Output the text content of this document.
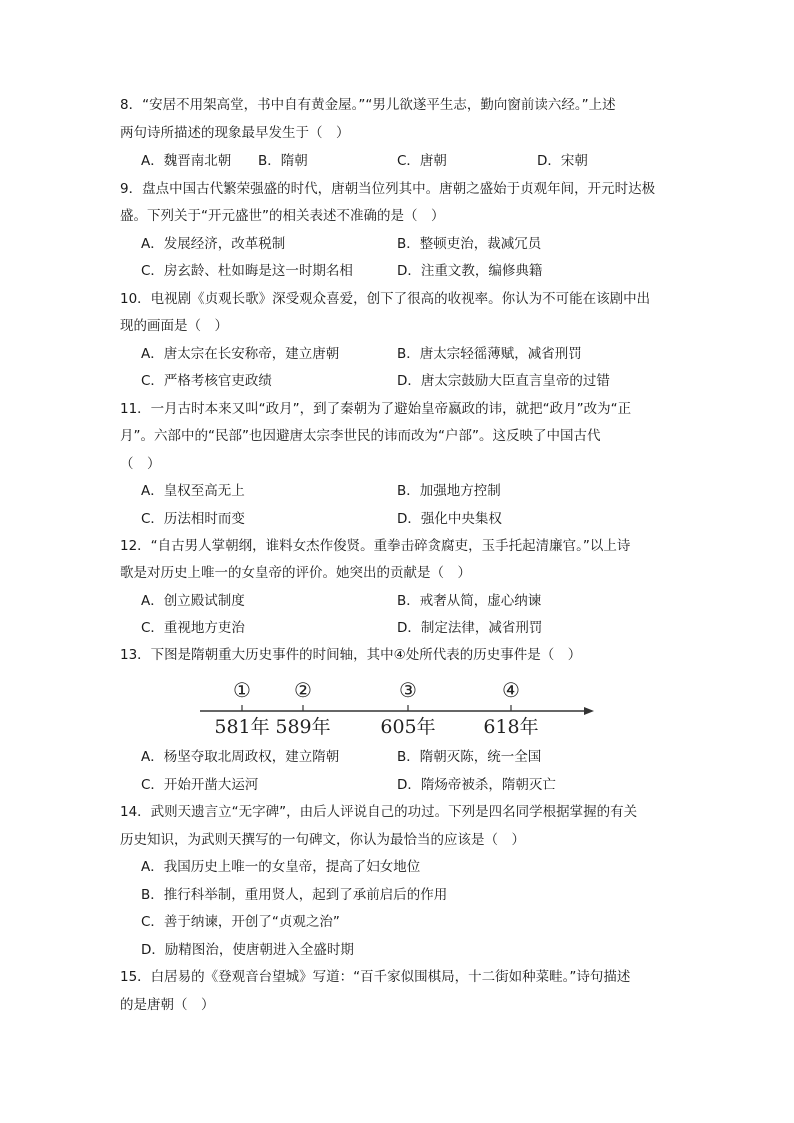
8．“安居不用架高堂，书中自有黄金屋。”“男儿欲遂平生志，勤向窗前读六经。”上述
两句诗所描述的现象最早发生于（　）
A．魏晋南北朝 B．隋朝	C．唐朝	D．宋朝
9．盘点中国古代繁荣强盛的时代，唐朝当位列其中。唐朝之盛始于贞观年间，开元时达极
盛。下列关于“开元盛世”的相关表述不准确的是（　）
A．发展经济，改革税制	B．整顿吏治，裁减冗员
C．房玄龄、杜如晦是这一时期名相	D．注重文教，编修典籍
10．电视剧《贞观长歌》深受观众喜爱，创下了很高的收视率。你认为不可能在该剧中出
现的画面是（　）
A．唐太宗在长安称帝，建立唐朝	B．唐太宗轻徭薄赋，减省刑罚
C．严格考核官吏政绩	D．唐太宗鼓励大臣直言皇帝的过错
11．一月古时本来又叫“政月”，到了秦朝为了避始皇帝嬴政的讳，就把“政月”改为“正
月”。六部中的“民部”也因避唐太宗李世民的讳而改为“户部”。这反映了中国古代
（　）
A．皇权至高无上	B．加强地方控制
C．历法相时而变	D．强化中央集权
12．“自古男人掌朝纲，谁料女杰作俊贤。重拳击碎贪腐吏，玉手托起清廉官。”以上诗
歌是对历史上唯一的女皇帝的评价。她突出的贡献是（　）
A．创立殿试制度	B．戒奢从简，虚心纳谏
C．重视地方吏治	D．制定法律，减省刑罚
13．下图是隋朝重大历史事件的时间轴，其中④处所代表的历史事件是（　）
① ②	③	④
581年 589年	605年	618年
A．杨坚夺取北周政权，建立隋朝	B．隋朝灭陈，统一全国
C．开始开凿大运河	D．隋炀帝被杀，隋朝灭亡
14．武则天遗言立“无字碑”，由后人评说自己的功过。下列是四名同学根据掌握的有关
历史知识，为武则天撰写的一句碑文，你认为最恰当的应该是（　）
A．我国历史上唯一的女皇帝，提高了妇女地位
B．推行科举制，重用贤人，起到了承前启后的作用
C．善于纳谏，开创了“贞观之治”
D．励精图治，使唐朝进入全盛时期
15．白居易的《登观音台望城》写道：“百千家似围棋局，十二街如种菜畦。”诗句描述
的是唐朝（　）
